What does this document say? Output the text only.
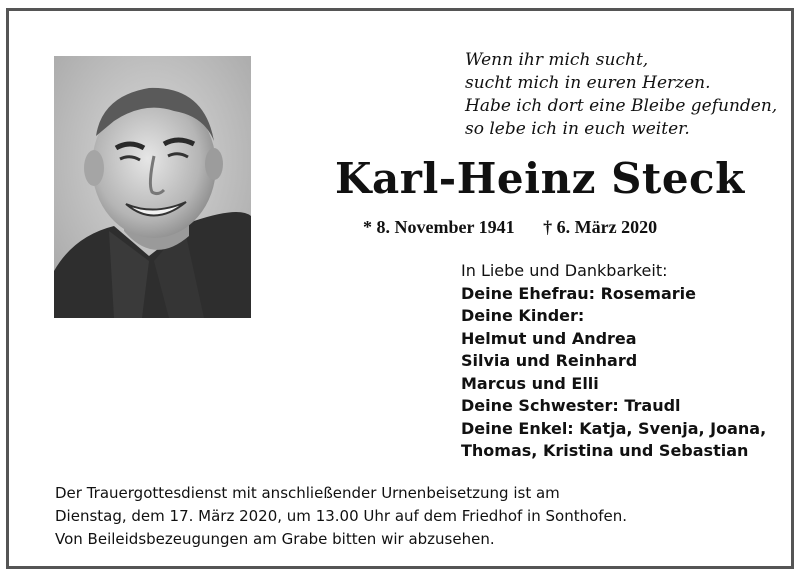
Wenn ihr mich sucht,
sucht mich in euren Herzen.
Habe ich dort eine Bleibe gefunden,
so lebe ich in euch weiter.
Karl-Heinz Steck
* 8. November 1941 † 6. März 2020
In Liebe und Dankbarkeit:
Deine Ehefrau: Rosemarie
Deine Kinder:
Helmut und Andrea
Silvia und Reinhard
Marcus und Elli
Deine Schwester: Traudl
Deine Enkel: Katja, Svenja, Joana,
Thomas, Kristina und Sebastian
Der Trauergottesdienst mit anschließender Urnenbeisetzung ist am
Dienstag, dem 17. März 2020, um 13.00 Uhr auf dem Friedhof in Sonthofen.
Von Beileidsbezeugungen am Grabe bitten wir abzusehen.
